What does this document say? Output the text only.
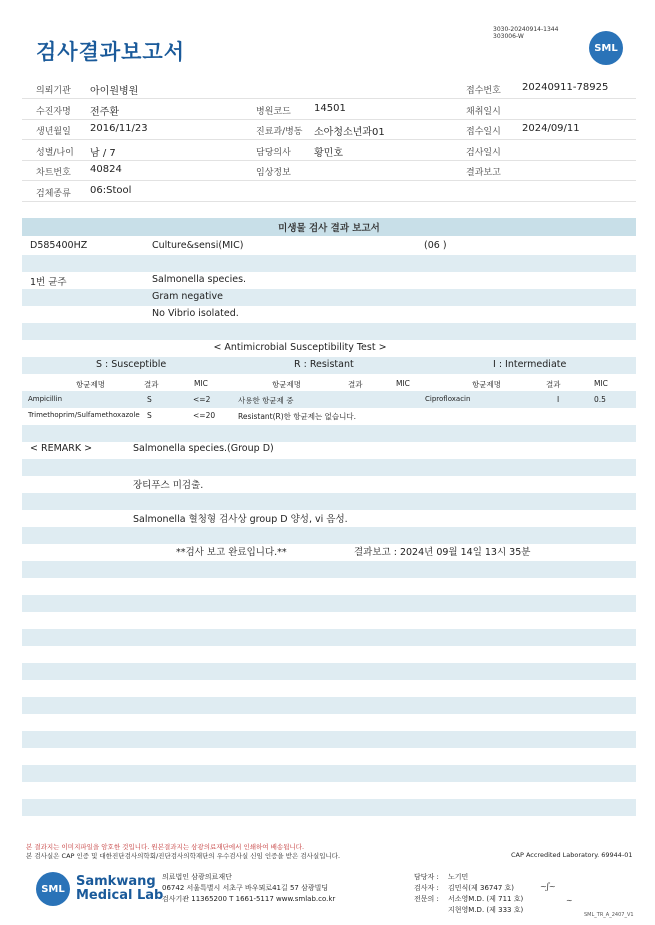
검사결과보고서
3030-20240914-1344
303006-W
SML
의뢰기관 아이원병원	접수번호 20240911-78925
수진자명 전주환	병원코드 14501	채취일시
생년월일 2016/11/23	진료과/병동 소아청소년과01	접수일시 2024/09/11
성별/나이 남 / 7	담당의사 황민호	검사일시
차트번호 40824	임상정보	결과보고
검체종류 06:Stool
미생물 검사 결과 보고서
D585400HZ	Culture&sensi(MIC)	(06 )
1번 균주	Salmonella species.
Gram negative
No Vibrio isolated.
< Antimicrobial Susceptibility Test >
S : Susceptible	R : Resistant	I : Intermediate
항균제명	결과	MIC	항균제명	결과	MIC	항균제명	결과	MIC
Ampicillin	S	<=2	사용한 항균제 중	Ciprofloxacin	I	0.5
Trimethoprim/Sulfamethoxazole S	<=20	Resistant(R)한 항균제는 없습니다.
< REMARK >	Salmonella species.(Group D)
장티푸스 미검출.
Salmonella 혈청형 검사상 group D 양성, vi 음성.
**검사 보고 완료입니다.**	결과보고 : 2024년 09월 14일 13시 35분
본 결과지는 이미지파일을 암호한 것입니다. 원본결과지는 삼광의료재단에서 인쇄하여 배송됩니다.
본 검사실은 CAP 인증 및 대한진단검사의학회/진단검사의학재단의 우수검사실 신임 인증을 받은 검사실입니다.	CAP Accredited Laboratory. 69944-01
SML Samkwang
Medical Lab
의료법인 삼광의료재단
06742 서울특별시 서초구 바우뫼로41길 57 삼광빌딩
검사기관 11365200 T 1661-5117 www.smlab.co.kr
담당자 : 노기민
검사자 : 김민식(제 36747 호)
전문의 : 서소영M.D. (제 711 호)
지현영M.D. (제 333 호)
~ʃ~
∼
SML_TR_A_2407_V1
